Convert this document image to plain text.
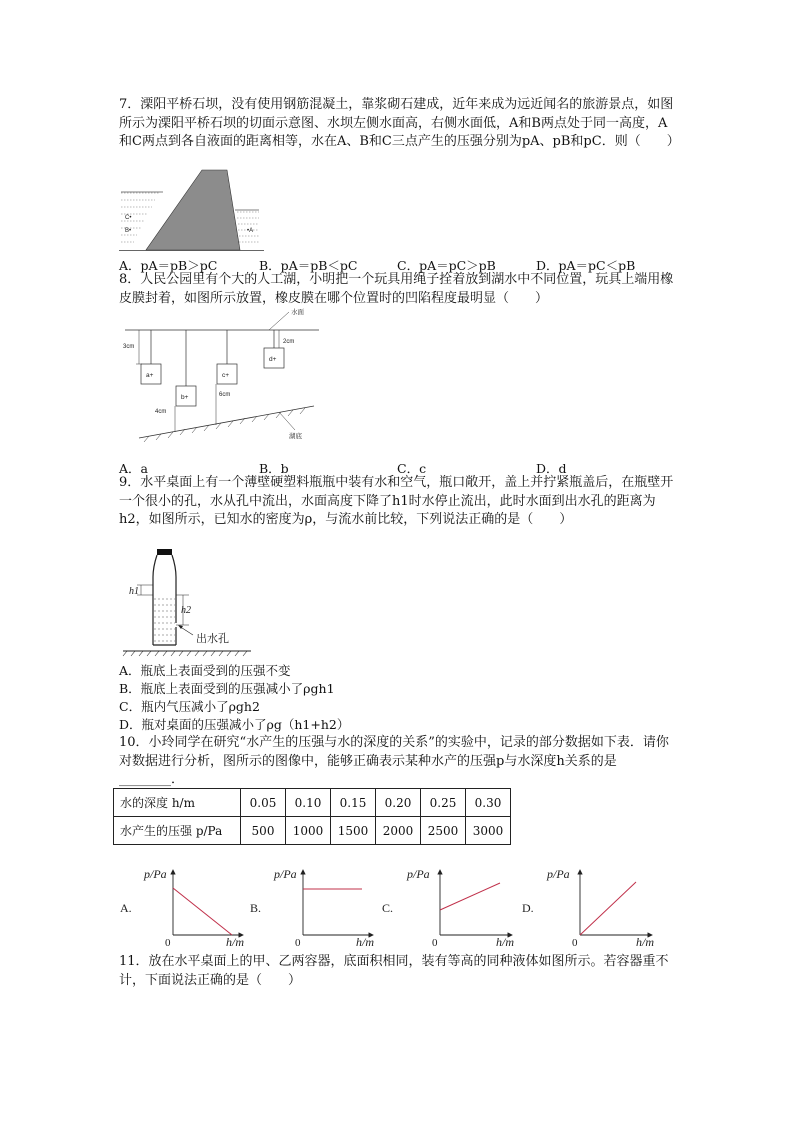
7．溧阳平桥石坝，没有使用钢筋混凝土，靠浆砌石建成，近年来成为远近闻名的旅游景点，如图所示为溧阳平桥石坝的切面示意图、水坝左侧水面高，右侧水面低，A和B两点处于同一高度，A和C两点到各自液面的距离相等，水在A、B和C三点产生的压强分别为pA、pB和pC．则（　　）
C•
B•	•A
A．pA＝pB＞pC	B．pA＝pB＜pC	C．pA＝pC＞pB	D．pA＝pC＜pB
8．人民公园里有个大的人工湖，小明把一个玩具用绳子拴着放到湖水中不同位置，玩具上端用橡皮膜封着，如图所示放置，橡皮膜在哪个位置时的凹陷程度最明显（　　）
水面
湖底
a+
b+
c+
d+
3cm
2cm
4cm
6cm
A．a	B．b	C．c	D．d
9．水平桌面上有一个薄壁硬塑料瓶瓶中装有水和空气，瓶口敞开，盖上并拧紧瓶盖后，在瓶壁开一个很小的孔，水从孔中流出，水面高度下降了h1时水停止流出，此时水面到出水孔的距离为h2，如图所示，已知水的密度为ρ，与流水前比较，下列说法正确的是（　　）
h1
h2
出水孔
A．瓶底上表面受到的压强不变
B．瓶底上表面受到的压强减小了ρgh1
C．瓶内气压减小了ρgh2
D．瓶对桌面的压强减小了ρg（h1+h2）
10．小玲同学在研究“水产生的压强与水的深度的关系”的实验中，记录的部分数据如下表．请你对数据进行分析，图所示的图像中，能够正确表示某种水产的压强p与水深度h关系的是________．
水的深度 h/m	0.05	0.10	0.15	0.20	0.25	0.30
水产生的压强 p/Pa	500	1000	1500	2000	2500	3000
A.
p/Pa
0	h/m
B.
p/Pa
0	h/m
C.
p/Pa
0	h/m
D.
p/Pa
0	h/m
11．放在水平桌面上的甲、乙两容器，底面积相同，装有等高的同种液体如图所示。若容器重不计，下面说法正确的是（　　）
